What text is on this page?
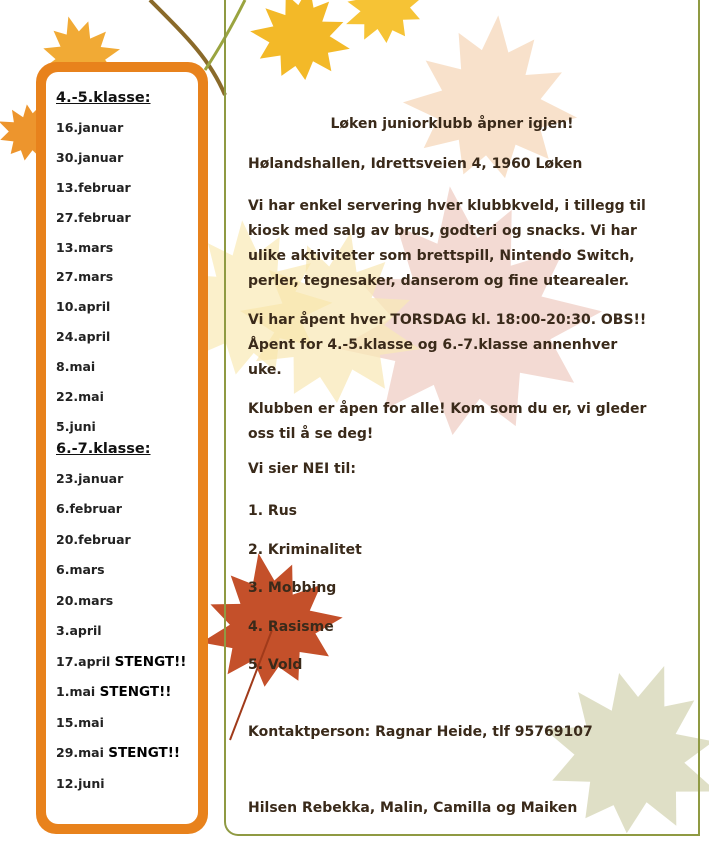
4.-5.klasse:
16.januar
30.januar
13.februar
27.februar
13.mars
27.mars
10.april
24.april
8.mai
22.mai
5.juni
6.-7.klasse:
23.januar
6.februar
20.februar
6.mars
20.mars
3.april
17.april STENGT!!
1.mai STENGT!!
15.mai
29.mai STENGT!!
12.juni

Løken juniorklubb åpner igjen!

Hølandshallen, Idrettsveien 4, 1960 Løken

Vi har enkel servering hver klubbkveld, i tillegg til kiosk med salg av brus, godteri og snacks. Vi har ulike aktiviteter som brettspill, Nintendo Switch, perler, tegnesaker, danserom og fine utearealer.

Vi har åpent hver TORSDAG kl. 18:00-20:30. OBS!! Åpent for 4.-5.klasse og 6.-7.klasse annenhver uke.

Klubben er åpen for alle! Kom som du er, vi gleder oss til å se deg!

Vi sier NEI til:

1. Rus
2. Kriminalitet
3. Mobbing
4. Rasisme
5. Vold
Kontaktperson: Ragnar Heide, tlf 95769107
Hilsen Rebekka, Malin, Camilla og Maiken
